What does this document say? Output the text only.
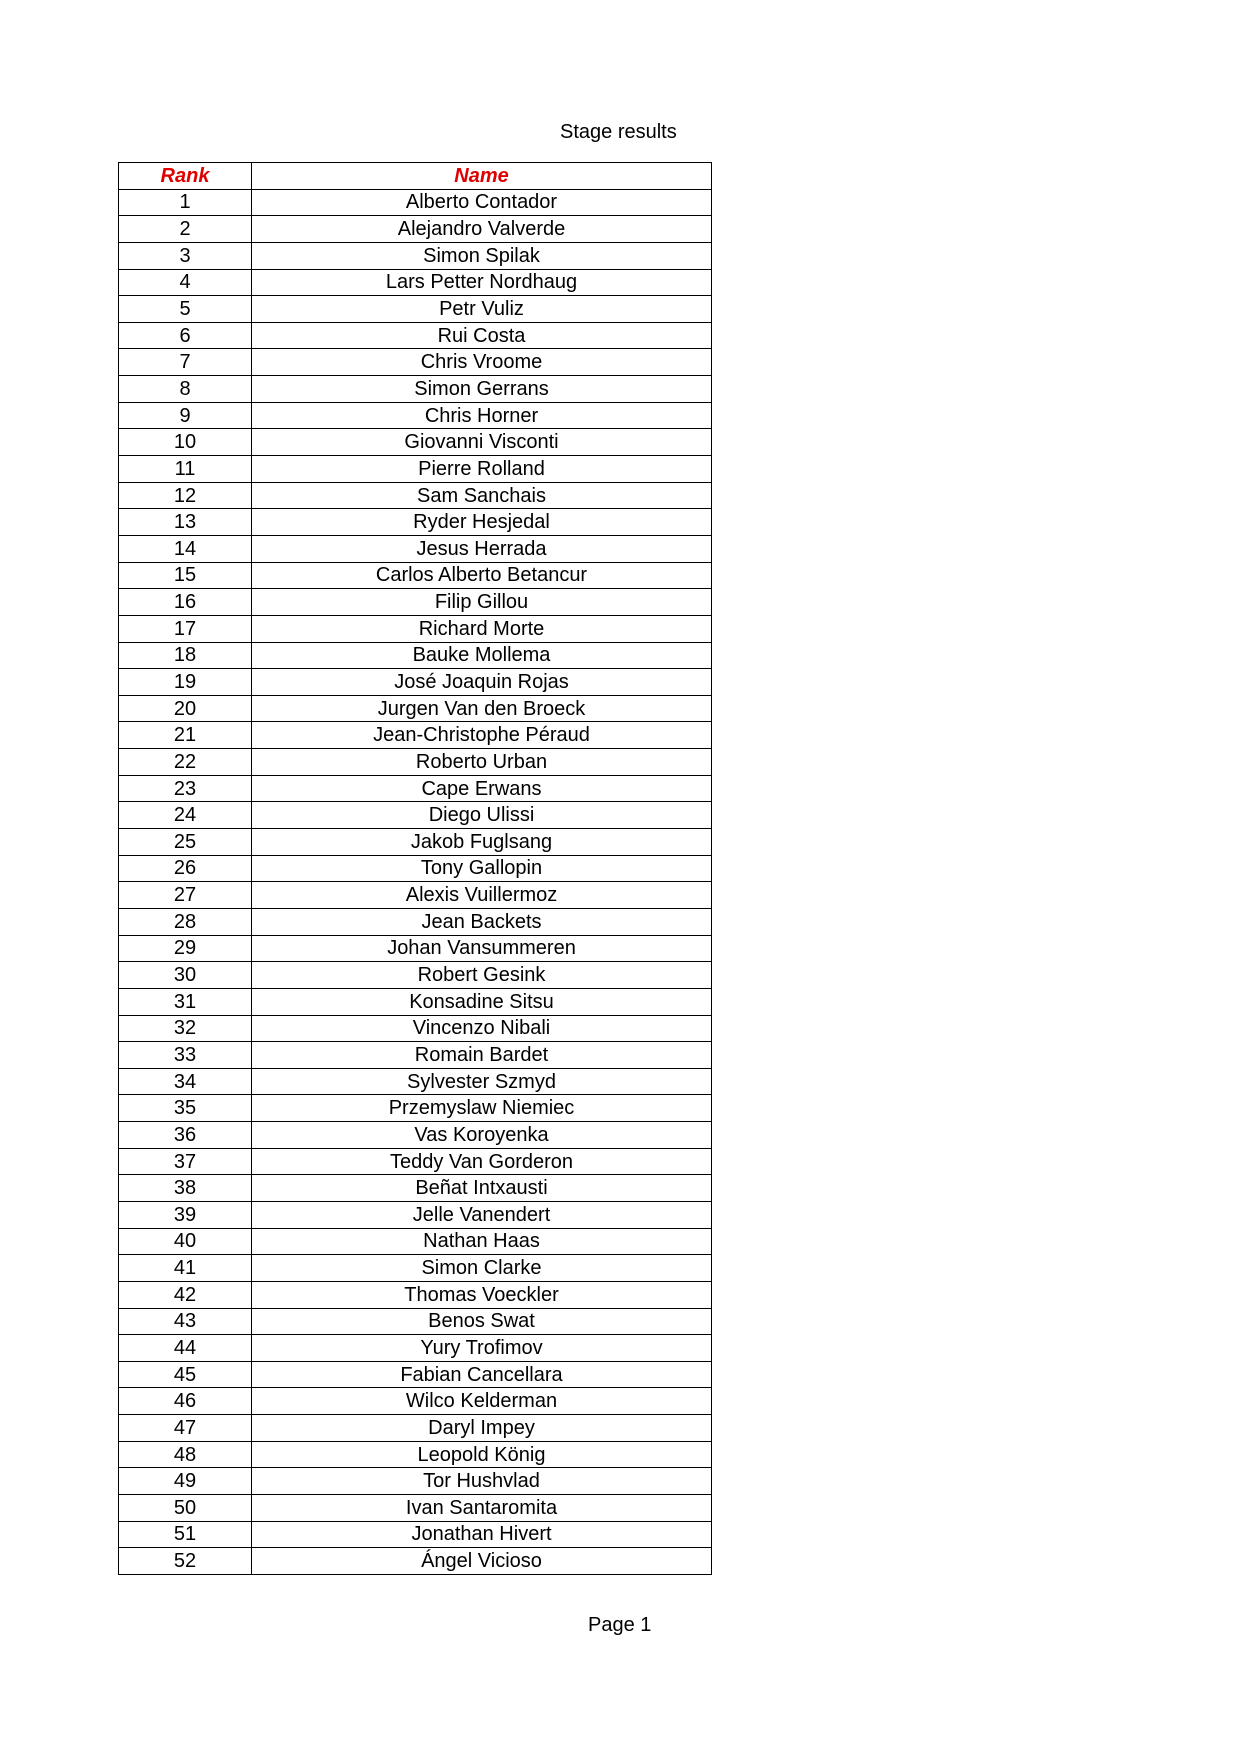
Stage results
Rank	Name
1	Alberto Contador
2	Alejandro Valverde
3	Simon Spilak
4	Lars Petter Nordhaug
5	Petr Vuliz
6	Rui Costa
7	Chris Vroome
8	Simon Gerrans
9	Chris Horner
10	Giovanni Visconti
11	Pierre Rolland
12	Sam Sanchais
13	Ryder Hesjedal
14	Jesus Herrada
15	Carlos Alberto Betancur
16	Filip Gillou
17	Richard Morte
18	Bauke Mollema
19	José Joaquin Rojas
20	Jurgen Van den Broeck
21	Jean-Christophe Péraud
22	Roberto Urban
23	Cape Erwans
24	Diego Ulissi
25	Jakob Fuglsang
26	Tony Gallopin
27	Alexis Vuillermoz
28	Jean Backets
29	Johan Vansummeren
30	Robert Gesink
31	Konsadine Sitsu
32	Vincenzo Nibali
33	Romain Bardet
34	Sylvester Szmyd
35	Przemyslaw Niemiec
36	Vas Koroyenka
37	Teddy Van Gorderon
38	Beñat Intxausti
39	Jelle Vanendert
40	Nathan Haas
41	Simon Clarke
42	Thomas Voeckler
43	Benos Swat
44	Yury Trofimov
45	Fabian Cancellara
46	Wilco Kelderman
47	Daryl Impey
48	Leopold König
49	Tor Hushvlad
50	Ivan Santaromita
51	Jonathan Hivert
52	Ángel Vicioso
Page 1
